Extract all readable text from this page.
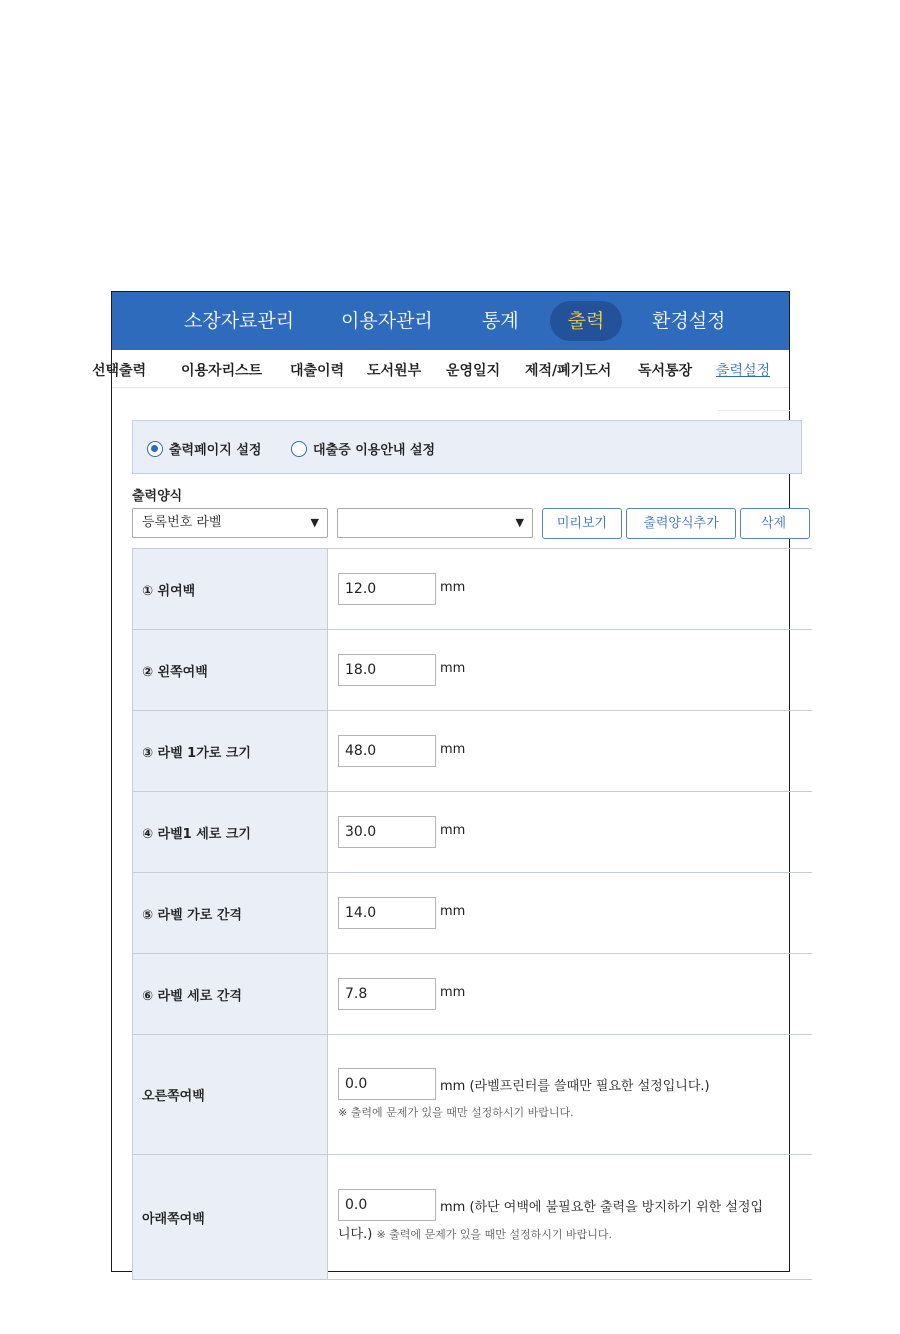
소장자료관리 이용자관리	통계	출력	환경설정
선택출력 이용자리스트 대출이력 도서원부 운영일지 제적/폐기도서 독서통장 출력설정
출력페이지 설정	대출증 이용안내 설정
출력양식
등록번호 라벨	▼	▼	미리보기	출력양식추가	삭제
① 위여백	12.0	mm
② 왼쪽여백	18.0	mm
③ 라벨 1가로 크기	48.0	mm
④ 라벨1 세로 크기	30.0	mm
⑤ 라벨 가로 간격	14.0	mm
⑥ 라벨 세로 간격	7.8	mm
오른쪽여백
0.0	mm (라벨프린터를 쓸때만 필요한 설정입니다.)
※ 출력에 문제가 있을 때만 설정하시기 바랍니다.
아래쪽여백
0.0	mm (하단 여백에 불필요한 출력을 방지하기 위한 설정입
니다.) ※ 출력에 문제가 있을 때만 설정하시기 바랍니다.
